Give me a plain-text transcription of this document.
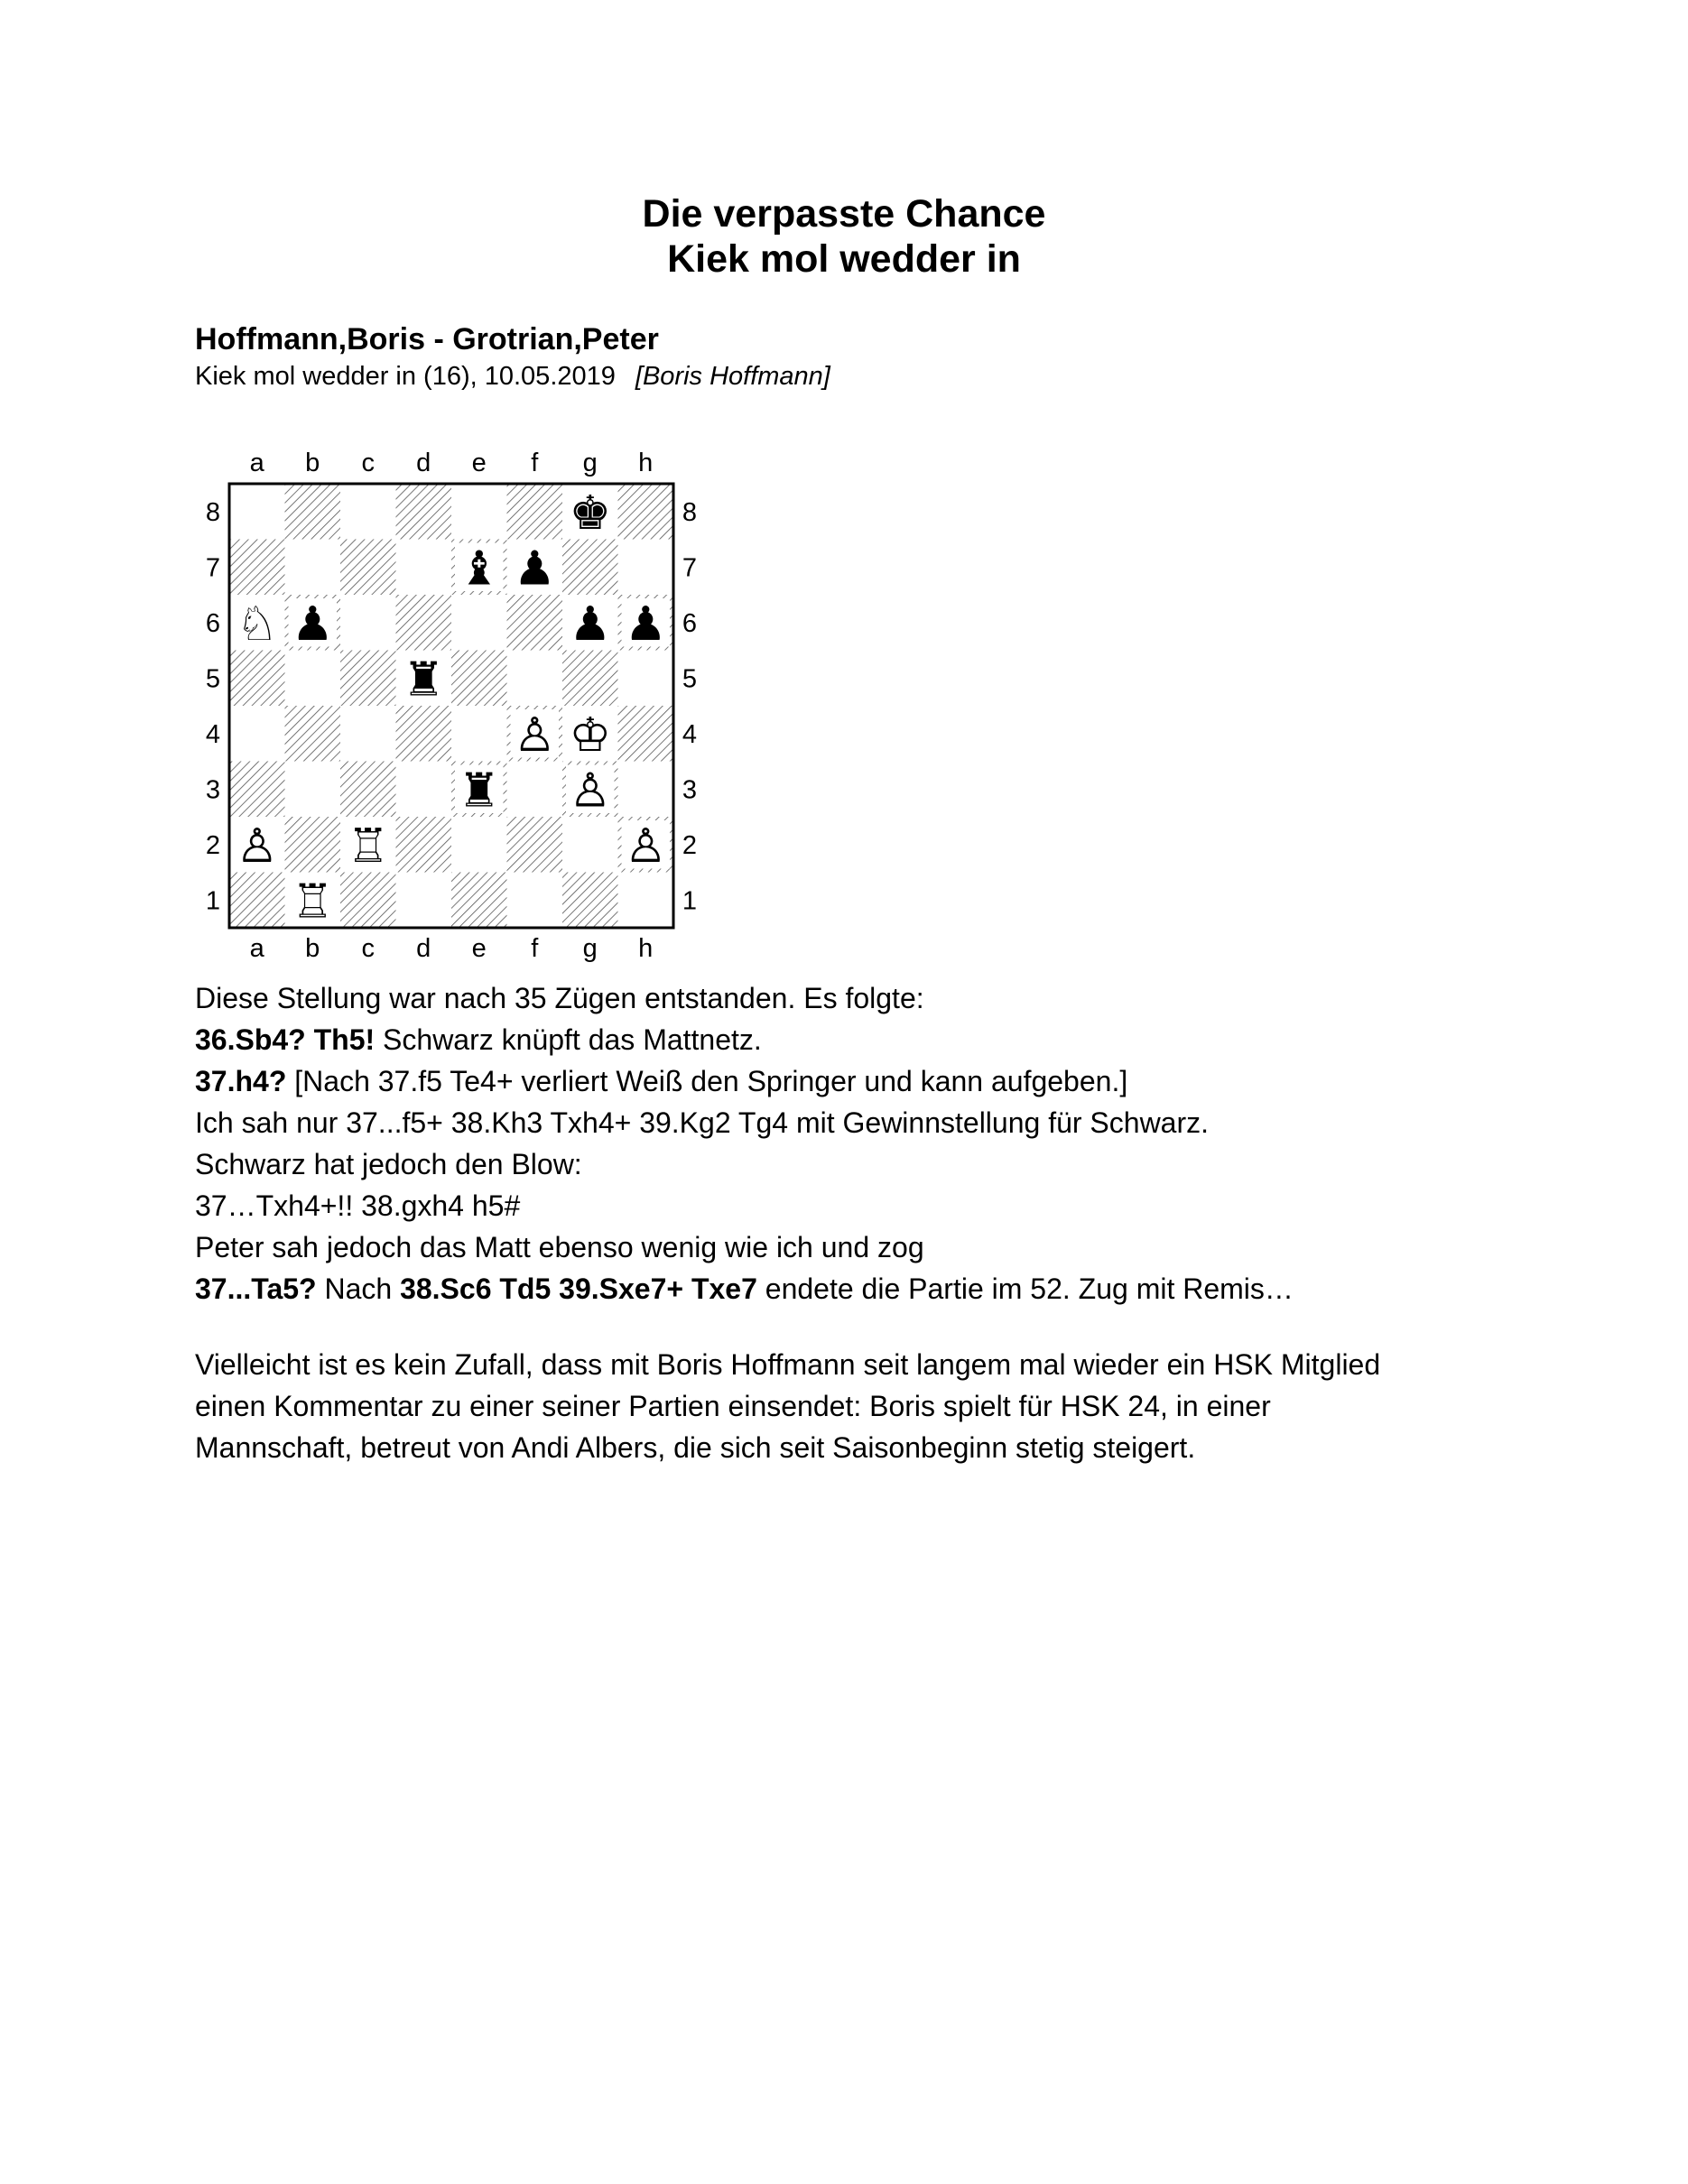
Die verpasste Chance
Kiek mol wedder in
Hoffmann,Boris - Grotrian,Peter
Kiek mol wedder in (16), 10.05.2019 [Boris Hoffmann]
♚
♝ ♟
♘ ♟	♟ ♟
♜
♙ ♔
♜ ♙
♙ ♖	♙
♖
a
a
b
b
c
c
d
d
e
e
f
f
g
g
h
h
8	8
7	7
6	6
5	5
4	4
3	3
2	2
1	1
Diese Stellung war nach 35 Zügen entstanden. Es folgte:
36.Sb4? Th5! Schwarz knüpft das Mattnetz.
37.h4? [Nach 37.f5 Te4+ verliert Weiß den Springer und kann aufgeben.]
Ich sah nur 37...f5+ 38.Kh3 Txh4+ 39.Kg2 Tg4 mit Gewinnstellung für Schwarz.
Schwarz hat jedoch den Blow:
37…Txh4+!! 38.gxh4 h5#
Peter sah jedoch das Matt ebenso wenig wie ich und zog
37...Ta5? Nach 38.Sc6 Td5 39.Sxe7+ Txe7 endete die Partie im 52. Zug mit Remis…
Vielleicht ist es kein Zufall, dass mit Boris Hoffmann seit langem mal wieder ein HSK Mitglied
einen Kommentar zu einer seiner Partien einsendet: Boris spielt für HSK 24, in einer
Mannschaft, betreut von Andi Albers, die sich seit Saisonbeginn stetig steigert.
